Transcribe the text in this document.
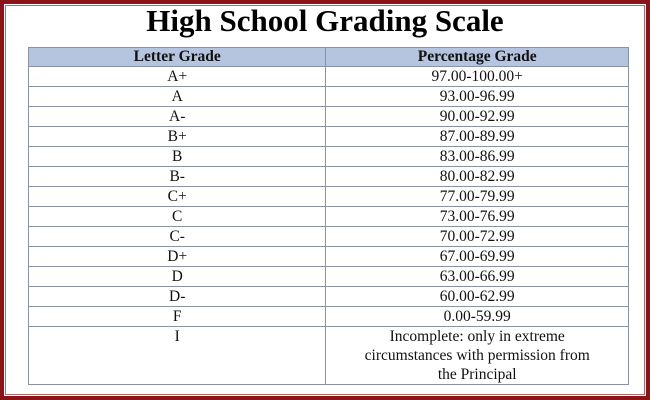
High School Grading Scale
Letter Grade	Percentage Grade
A+	97.00-100.00+
A	93.00-96.99
A-	90.00-92.99
B+	87.00-89.99
B	83.00-86.99
B-	80.00-82.99
C+	77.00-79.99
C	73.00-76.99
C-	70.00-72.99
D+	67.00-69.99
D	63.00-66.99
D-	60.00-62.99
F	0.00-59.99
I	Incomplete: only in extreme
circumstances with permission from
the Principal
